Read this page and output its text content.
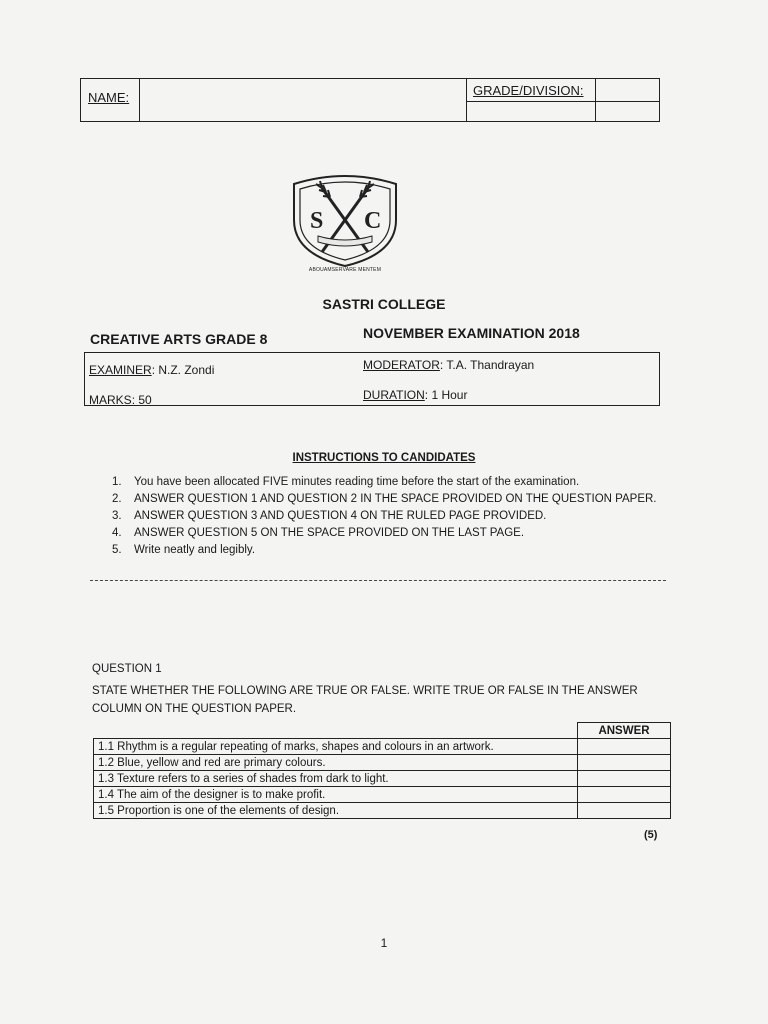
NAME:	GRADE/DIVISION:
S C
ABOUAMSERVARE MENTEM
SASTRI COLLEGE
CREATIVE ARTS GRADE 8	NOVEMBER EXAMINATION 2018
EXAMINER: N.Z. Zondi	MODERATOR: T.A. Thandrayan
MARKS: 50	DURATION: 1 Hour
INSTRUCTIONS TO CANDIDATES
1. You have been allocated FIVE minutes reading time before the start of the examination.
2. ANSWER QUESTION 1 AND QUESTION 2 IN THE SPACE PROVIDED ON THE QUESTION PAPER.
3. ANSWER QUESTION 3 AND QUESTION 4 ON THE RULED PAGE PROVIDED.
4. ANSWER QUESTION 5 ON THE SPACE PROVIDED ON THE LAST PAGE.
5. Write neatly and legibly.
QUESTION 1
STATE WHETHER THE FOLLOWING ARE TRUE OR FALSE. WRITE TRUE OR FALSE IN THE ANSWER COLUMN ON THE QUESTION PAPER.
	ANSWER
1.1 Rhythm is a regular repeating of marks, shapes and colours in an artwork.	
1.2 Blue, yellow and red are primary colours.	
1.3 Texture refers to a series of shades from dark to light.	
1.4 The aim of the designer is to make profit.	
1.5 Proportion is one of the elements of design.	
(5)
1
